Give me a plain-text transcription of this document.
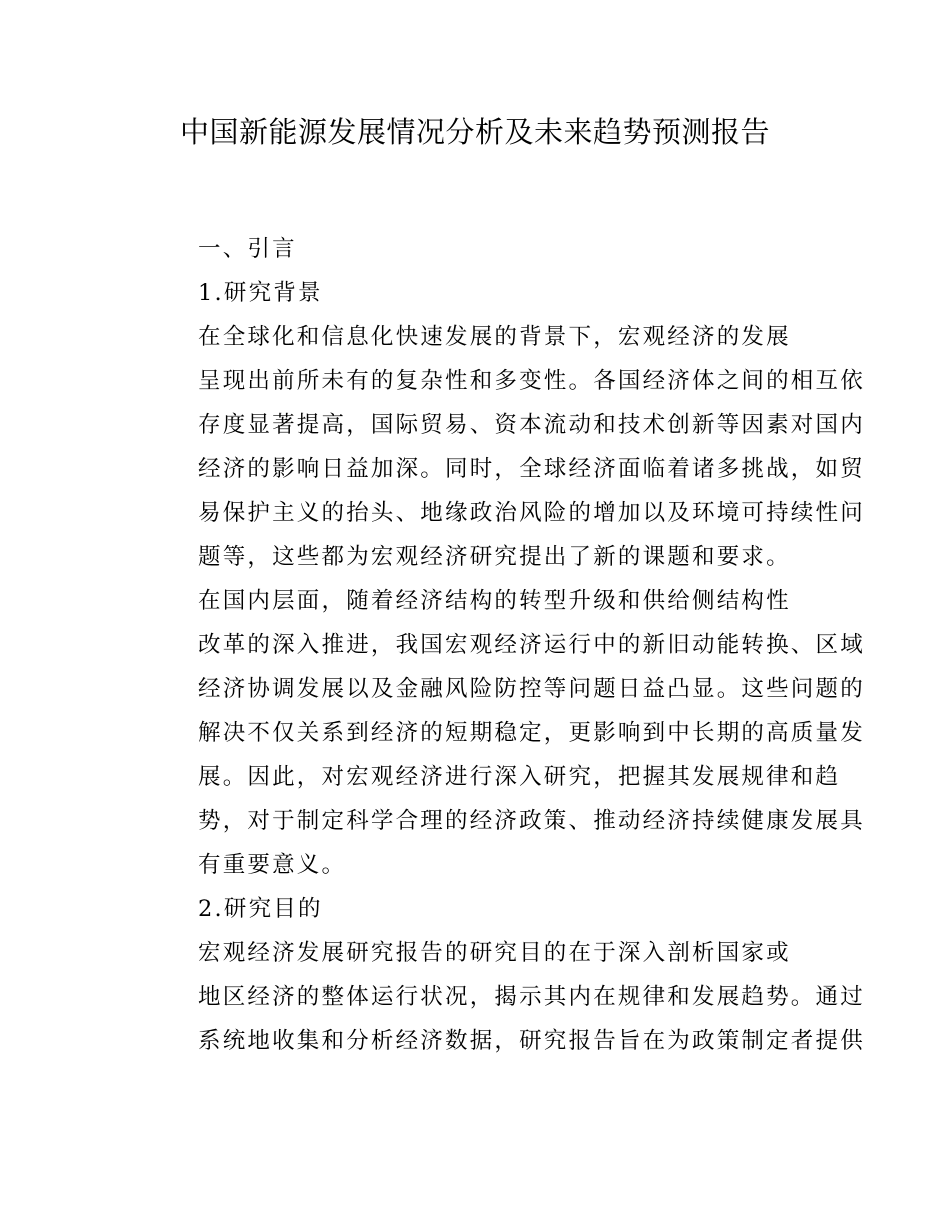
中国新能源发展情况分析及未来趋势预测报告
一、引言
1.研究背景

在全球化和信息化快速发展的背景下，宏观经济的发展
呈现出前所未有的复杂性和多变性。各国经济体之间的相互依
存度显著提高，国际贸易、资本流动和技术创新等因素对国内
经济的影响日益加深。同时，全球经济面临着诸多挑战，如贸
易保护主义的抬头、地缘政治风险的增加以及环境可持续性问
题等，这些都为宏观经济研究提出了新的课题和要求。

在国内层面，随着经济结构的转型升级和供给侧结构性
改革的深入推进，我国宏观经济运行中的新旧动能转换、区域
经济协调发展以及金融风险防控等问题日益凸显。这些问题的
解决不仅关系到经济的短期稳定，更影响到中长期的高质量发
展。因此，对宏观经济进行深入研究，把握其发展规律和趋
势，对于制定科学合理的经济政策、推动经济持续健康发展具
有重要意义。

2.研究目的

宏观经济发展研究报告的研究目的在于深入剖析国家或
地区经济的整体运行状况，揭示其内在规律和发展趋势。通过
系统地收集和分析经济数据，研究报告旨在为政策制定者提供
